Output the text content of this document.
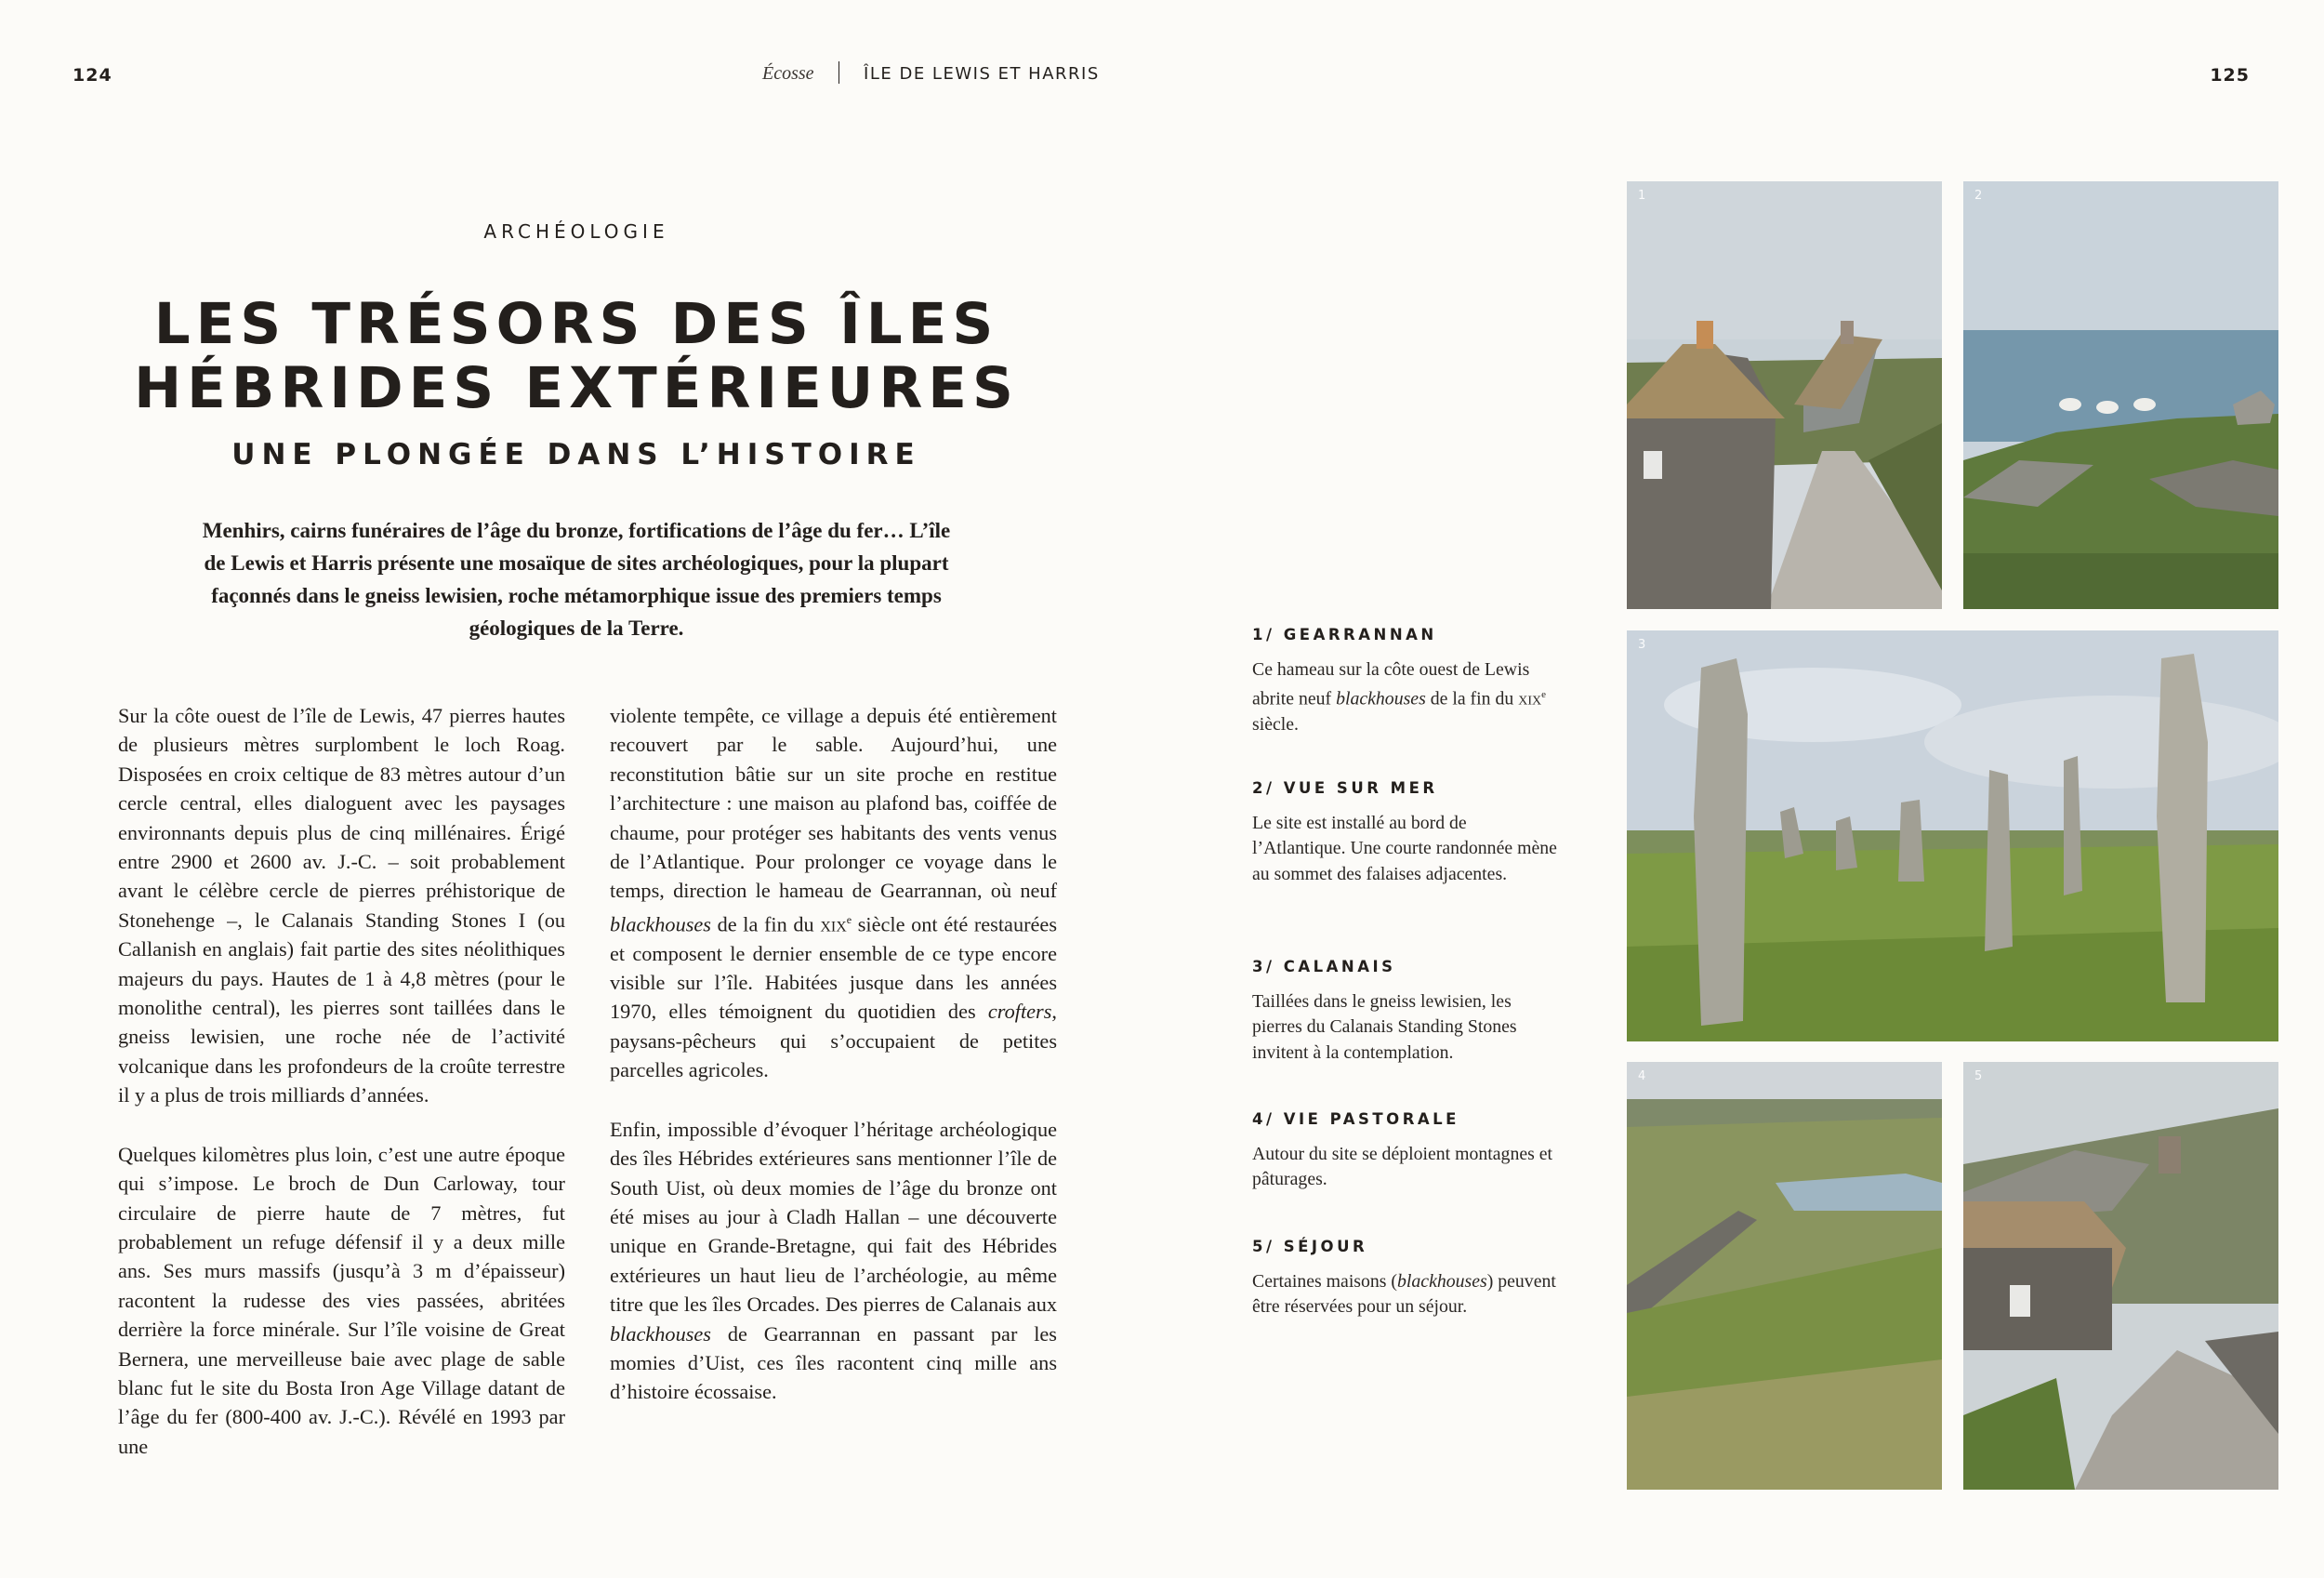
124	125
Écosse	ÎLE DE LEWIS ET HARRIS
ARCHÉOLOGIE
LES TRÉSORS DES ÎLES
HÉBRIDES EXTÉRIEURES
UNE PLONGÉE DANS L’HISTOIRE
Menhirs, cairns funéraires de l’âge du bronze, fortifications de l’âge du fer… L’île de Lewis et Harris présente une mosaïque de sites archéologiques, pour la plupart façonnés dans le gneiss lewisien, roche métamorphique issue des premiers temps géologiques de la Terre.

Sur la côte ouest de l’île de Lewis, 47 pierres hautes de plusieurs mètres surplombent le loch Roag. Disposées en croix celtique de 83 mètres autour d’un cercle central, elles dialoguent avec les paysages environnants depuis plus de cinq millénaires. Érigé entre 2900 et 2600 av. J.-C. – soit probablement avant le célèbre cercle de pierres préhistorique de Stonehenge –, le Calanais Standing Stones I (ou Callanish en anglais) fait partie des sites néolithiques majeurs du pays. Hautes de 1 à 4,8 mètres (pour le monolithe central), les pierres sont taillées dans le gneiss lewisien, une roche née de l’activité volcanique dans les profondeurs de la croûte terrestre il y a plus de trois milliards d’années.

Quelques kilomètres plus loin, c’est une autre époque qui s’impose. Le broch de Dun Carloway, tour circulaire de pierre haute de 7 mètres, fut probablement un refuge défensif il y a deux mille ans. Ses murs massifs (jusqu’à 3 m d’épaisseur) racontent la rudesse des vies passées, abritées derrière la force minérale. Sur l’île voisine de Great Bernera, une merveilleuse baie avec plage de sable blanc fut le site du Bosta Iron Age Village datant de l’âge du fer (800-400 av. J.-C.). Révélé en 1993 par une

violente tempête, ce village a depuis été entièrement recouvert par le sable. Aujourd’hui, une reconstitution bâtie sur un site proche en restitue l’architecture : une maison au plafond bas, coiffée de chaume, pour protéger ses habitants des vents venus de l’Atlantique. Pour prolonger ce voyage dans le temps, direction le hameau de Gearrannan, où neuf blackhouses de la fin du xix$^e$ siècle ont été restaurées et composent le dernier ensemble de ce type encore visible sur l’île. Habitées jusque dans les années 1970, elles témoignent du quotidien des crofters, paysans-pêcheurs qui s’occupaient de petites parcelles agricoles.

Enfin, impossible d’évoquer l’héritage archéologique des îles Hébrides extérieures sans mentionner l’île de South Uist, où deux momies de l’âge du bronze ont été mises au jour à Cladh Hallan – une découverte unique en Grande-Bretagne, qui fait des Hébrides extérieures un haut lieu de l’archéologie, au même titre que les îles Orcades. Des pierres de Calanais aux blackhouses de Gearrannan en passant par les momies d’Uist, ces îles racontent cinq mille ans d’histoire écossaise.

1/ GEARRANNAN
Ce hameau sur la côte ouest de Lewis abrite neuf blackhouses de la fin du xix$^e$ siècle.
2/ VUE SUR MER
Le site est installé au bord de l’Atlantique. Une courte randonnée mène au sommet des falaises adjacentes.
3/ CALANAIS
Taillées dans le gneiss lewisien, les pierres du Calanais Standing Stones invitent à la contemplation.
4/ VIE PASTORALE
Autour du site se déploient montagnes et pâturages.
5/ SÉJOUR
Certaines maisons (blackhouses) peuvent être réservées pour un séjour.
1	2
3
4	5
